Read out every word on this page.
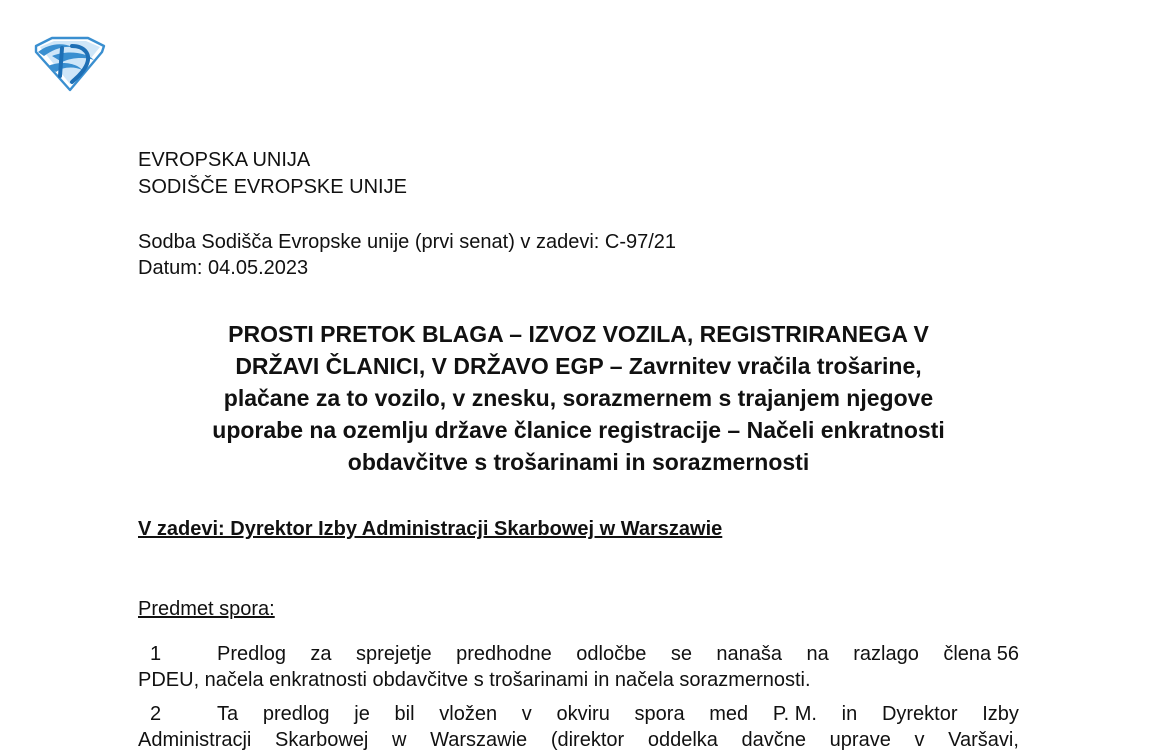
EVROPSKA UNIJA
SODIŠČE EVROPSKE UNIJE
Sodba Sodišča Evropske unije (prvi senat) v zadevi: C-97/21
Datum: 04.05.2023
PROSTI PRETOK BLAGA – IZVOZ VOZILA, REGISTRIRANEGA V
DRŽAVI ČLANICI, V DRŽAVO EGP – Zavrnitev vračila trošarine,
plačane za to vozilo, v znesku, sorazmernem s trajanjem njegove
uporabe na ozemlju države članice registracije – Načeli enkratnosti
obdavčitve s trošarinami in sorazmernosti
V zadevi: Dyrektor Izby Administracji Skarbowej w Warszawie
Predmet spora:
1	Predlog za sprejetje predhodne odločbe se nanaša na razlago člena 56
PDEU, načela enkratnosti obdavčitve s trošarinami in načela sorazmernosti.
2	Ta predlog je bil vložen v okviru spora med P. M. in Dyrektor Izby
Administracji Skarbowej w Warszawie (direktor oddelka davčne uprave v Varšavi,
